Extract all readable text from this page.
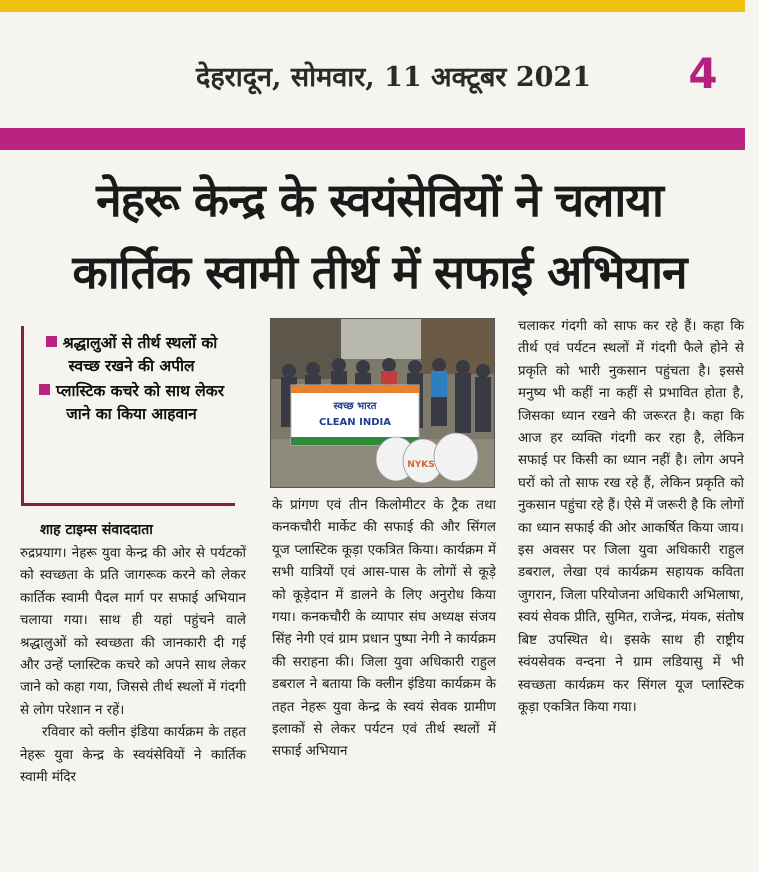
देहरादून, सोमवार, 11 अक्टूबर 2021	4
नेहरू केन्द्र के स्वयंसेवियों ने चलाया
कार्तिक स्वामी तीर्थ में सफाई अभियान
श्रद्धालुओं से तीर्थ स्थलों को स्वच्छ रखने की अपील
प्लास्टिक कचरे को साथ लेकर जाने का किया आहवान	स्वच्छ भारत
CLEAN INDIA
NYKS
शाह टाइम्स संवाददाता

रुद्रप्रयाग। नेहरू युवा केन्द्र की ओर से पर्यटकों को स्वच्छता के प्रति जागरूक करने को लेकर कार्तिक स्वामी पैदल मार्ग पर सफाई अभियान चलाया गया। साथ ही यहां पहुंचने वाले श्रद्धालुओं को स्वच्छता की जानकारी दी गई और उन्हें प्लास्टिक कचरे को अपने साथ लेकर जाने को कहा गया, जिससे तीर्थ स्थलों में गंदगी से लोग परेशान न रहें।

रविवार को क्लीन इंडिया कार्यक्रम के तहत नेहरू युवा केन्द्र के स्वयंसेवियों ने कार्तिक स्वामी मंदिर

के प्रांगण एवं तीन किलोमीटर के ट्रैक तथा कनकचौरी मार्केट की सफाई की और सिंगल यूज प्लास्टिक कूड़ा एकत्रित किया। कार्यक्रम में सभी यात्रियों एवं आस-पास के लोगों से कूड़े को कूड़ेदान में डालने के लिए अनुरोध किया गया। कनकचौरी के व्यापार संघ अध्यक्ष संजय सिंह नेगी एवं ग्राम प्रधान पुष्पा नेगी ने कार्यक्रम की सराहना की। जिला युवा अधिकारी राहुल डबराल ने बताया कि क्लीन इंडिया कार्यक्रम के तहत नेहरू युवा केन्द्र के स्वयं सेवक ग्रामीण इलाकों से लेकर पर्यटन एवं तीर्थ स्थलों में सफाई अभियान

चलाकर गंदगी को साफ कर रहे हैं। कहा कि तीर्थ एवं पर्यटन स्थलों में गंदगी फैले होने से प्रकृति को भारी नुकसान पहुंचता है। इससे मनुष्य भी कहीं ना कहीं से प्रभावित होता है, जिसका ध्यान रखने की जरूरत है। कहा कि आज हर व्यक्ति गंदगी कर रहा है, लेकिन सफाई पर किसी का ध्यान नहीं है। लोग अपने घरों को तो साफ रख रहे हैं, लेकिन प्रकृति को नुकसान पहुंचा रहे हैं। ऐसे में जरूरी है कि लोगों का ध्यान सफाई की ओर आकर्षित किया जाय। इस अवसर पर जिला युवा अधिकारी राहुल डबराल, लेखा एवं कार्यक्रम सहायक कविता जुगरान, जिला परियोजना अधिकारी अभिलाषा, स्वयं सेवक प्रीति, सुमित, राजेन्द्र, मंयक, संतोष बिष्ट उपस्थित थे। इसके साथ ही राष्ट्रीय स्वंयसेवक वन्दना ने ग्राम लडियासु में भी स्वच्छता कार्यक्रम कर सिंगल यूज प्लास्टिक कूड़ा एकत्रित किया गया।
